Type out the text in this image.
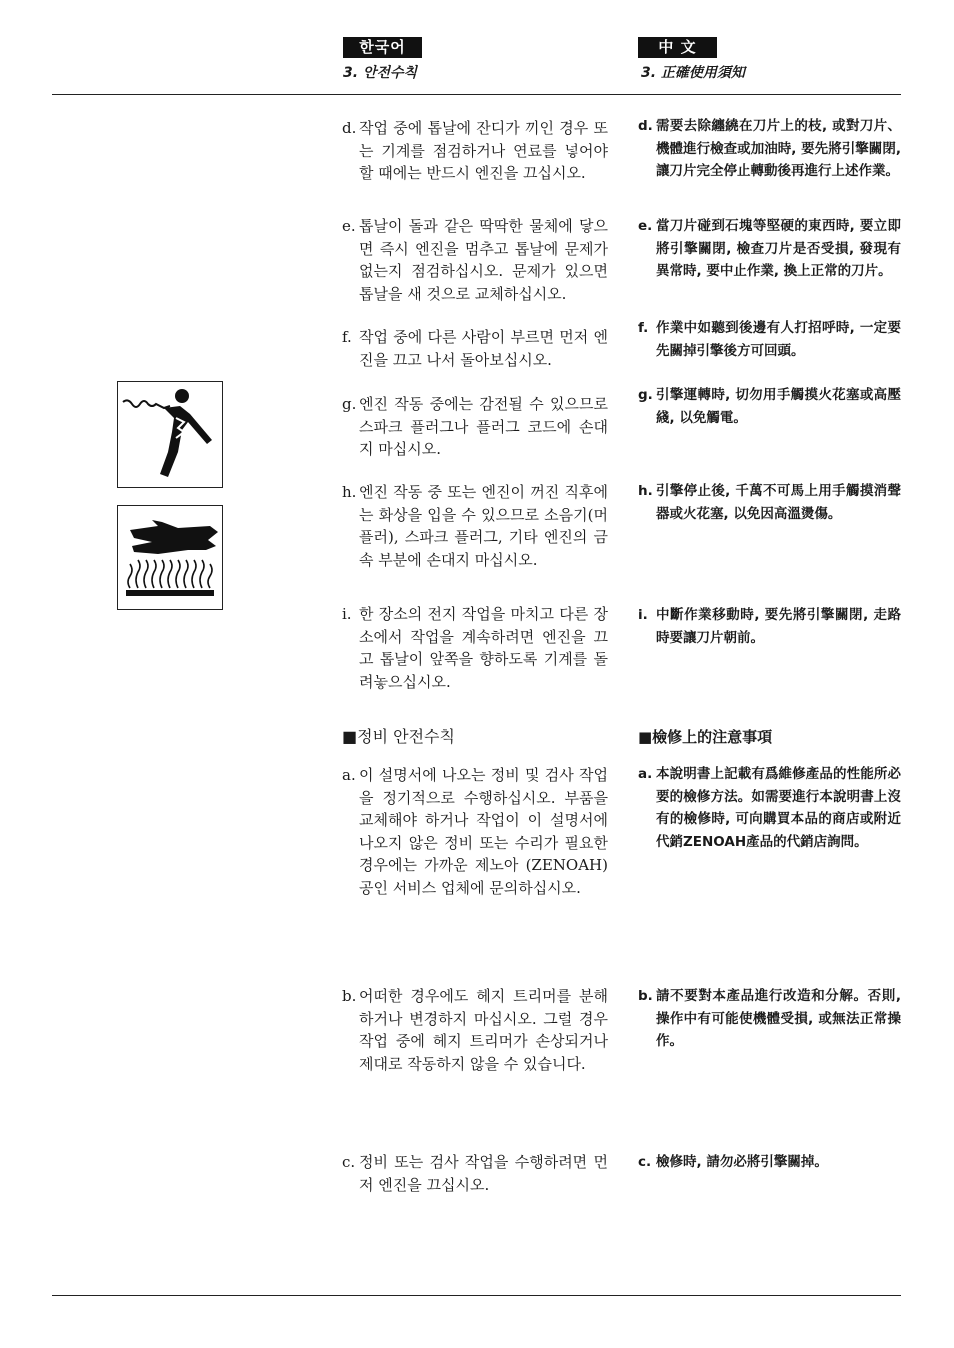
한국어
3. 안전수칙
中 文
3. 正確使用須知
d. 작업 중에 톱날에 잔디가 끼인 경우 또는 기계를 점검하거나 연료를 넣어야 할 때에는 반드시 엔진을 끄십시오.
e. 톱날이 돌과 같은 딱딱한 물체에 닿으면 즉시 엔진을 멈추고 톱날에 문제가 없는지 점검하십시오. 문제가 있으면 톱날을 새 것으로 교체하십시오.
f. 작업 중에 다른 사람이 부르면 먼저 엔진을 끄고 나서 돌아보십시오.
g. 엔진 작동 중에는 감전될 수 있으므로 스파크 플러그나 플러그 코드에 손대지 마십시오.
h. 엔진 작동 중 또는 엔진이 꺼진 직후에는 화상을 입을 수 있으므로 소음기(머플러), 스파크 플러그, 기타 엔진의 금속 부분에 손대지 마십시오.
i. 한 장소의 전지 작업을 마치고 다른 장소에서 작업을 계속하려면 엔진을 끄고 톱날이 앞쪽을 향하도록 기계를 돌려놓으십시오.
■정비 안전수칙
a. 이 설명서에 나오는 정비 및 검사 작업을 정기적으로 수행하십시오. 부품을 교체해야 하거나 작업이 이 설명서에 나오지 않은 정비 또는 수리가 필요한 경우에는 가까운 제노아 (ZENOAH) 공인 서비스 업체에 문의하십시오.
b. 어떠한 경우에도 헤지 트리머를 분해하거나 변경하지 마십시오. 그럴 경우 작업 중에 헤지 트리머가 손상되거나 제대로 작동하지 않을 수 있습니다.
c. 정비 또는 검사 작업을 수행하려면 먼저 엔진을 끄십시오.
d. 需要去除纏繞在刀片上的枝, 或對刀片、機體進行檢查或加油時, 要先將引擎關閉, 讓刀片完全停止轉動後再進行上述作業。
e. 當刀片碰到石塊等堅硬的東西時, 要立即將引擎關閉, 檢查刀片是否受損, 發現有異常時, 要中止作業, 換上正常的刀片。
f. 作業中如聽到後邊有人打招呼時, 一定要先關掉引擎後方可回頭。
g. 引擎運轉時, 切勿用手觸摸火花塞或高壓綫, 以免觸電。
h. 引擎停止後, 千萬不可馬上用手觸摸消聲器或火花塞, 以免因高溫燙傷。
i. 中斷作業移動時, 要先將引擎關閉, 走路時要讓刀片朝前。
■檢修上的注意事項
a. 本說明書上記載有爲維修產品的性能所必要的檢修方法。如需要進行本說明書上沒有的檢修時, 可向購買本品的商店或附近代銷ZENOAH產品的代銷店詢問。
b. 請不要對本產品進行改造和分解。否則, 操作中有可能使機體受損, 或無法正常操作。
c. 檢修時, 請勿必將引擎關掉。
